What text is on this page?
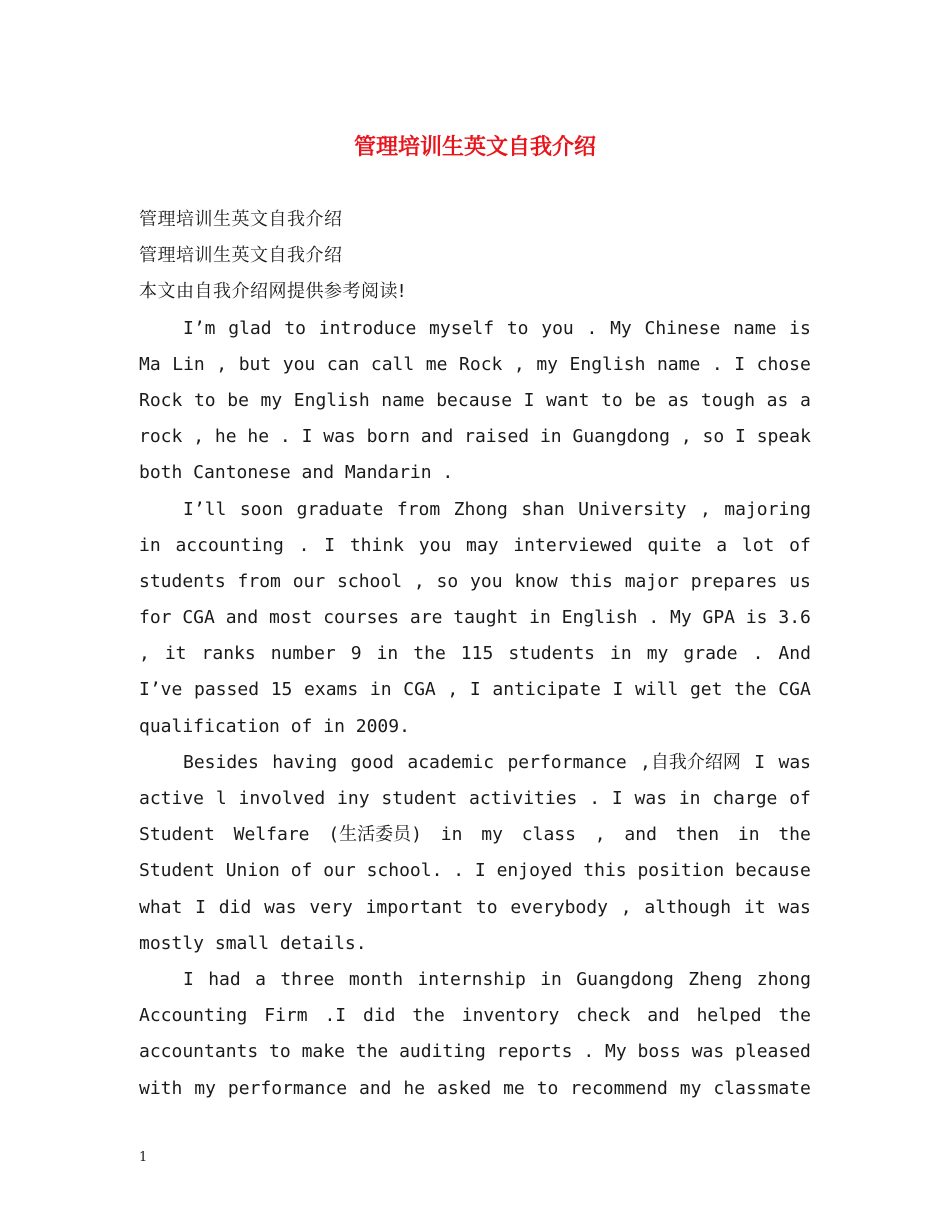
管理培训生英文自我介绍
管理培训生英文自我介绍
管理培训生英文自我介绍
本文由自我介绍网提供参考阅读!
I’m glad to introduce myself to you . My Chinese name is
Ma Lin , but you can call me Rock , my English name . I chose
Rock to be my English name because I want to be as tough as a
rock , he he . I was born and raised in Guangdong , so I speak
both Cantonese and Mandarin .
I’ll soon graduate from Zhong shan University , majoring
in accounting . I think you may interviewed quite a lot of
students from our school , so you know this major prepares us
for CGA and most courses are taught in English . My GPA is 3.6
, it ranks number 9 in the 115 students in my grade . And
I’ve passed 15 exams in CGA , I anticipate I will get the CGA
qualification of in 2009.
Besides having good academic performance ,自我介绍网 I was
active l involved iny student activities . I was in charge of
Student Welfare (生活委员) in my class , and then in the
Student Union of our school. . I enjoyed this position because
what I did was very important to everybody , although it was
mostly small details.
I had a three month internship in Guangdong Zheng zhong
Accounting Firm .I did the inventory check and helped the
accountants to make the auditing reports . My boss was pleased
with my performance and he asked me to recommend my classmate
1
